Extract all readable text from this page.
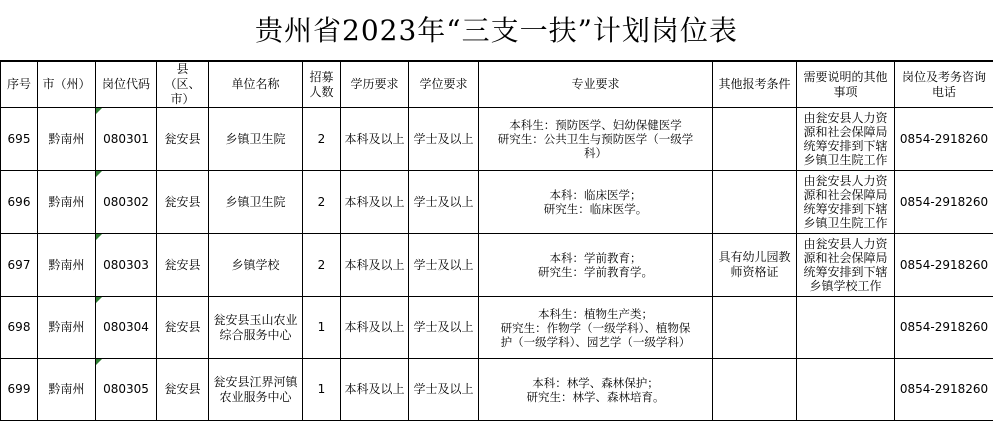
贵州省2023年“三支一扶”计划岗位表
序号	市（州）	岗位代码	县（区、市）	单位名称	招募人数	学历要求	学位要求	专业要求	其他报考条件	需要说明的其他事项	岗位及考务咨询电话
695	黔南州	080301	瓮安县	乡镇卫生院	2	本科及以上	学士及以上	本科生：预防医学、妇幼保健医学
研究生：公共卫生与预防医学（一级学
科）		由瓮安县人力资源和社会保障局统筹安排到下辖乡镇卫生院工作	0854-2918260
696	黔南州	080302	瓮安县	乡镇卫生院	2	本科及以上	学士及以上	本科：临床医学；
研究生：临床医学。		由瓮安县人力资源和社会保障局统筹安排到下辖乡镇卫生院工作	0854-2918260
697	黔南州	080303	瓮安县	乡镇学校	2	本科及以上	学士及以上	本科：学前教育；
研究生：学前教育学。	具有幼儿园教师资格证	由瓮安县人力资源和社会保障局统筹安排到下辖乡镇学校工作	0854-2918260
698	黔南州	080304	瓮安县	瓮安县玉山农业综合服务中心	1	本科及以上	学士及以上	本科生：植物生产类；
研究生：作物学（一级学科）、植物保
护（一级学科）、园艺学（一级学科）			0854-2918260
699	黔南州	080305	瓮安县	瓮安县江界河镇农业服务中心	1	本科及以上	学士及以上	本科：林学、森林保护；
研究生：林学、森林培育。			0854-2918260
